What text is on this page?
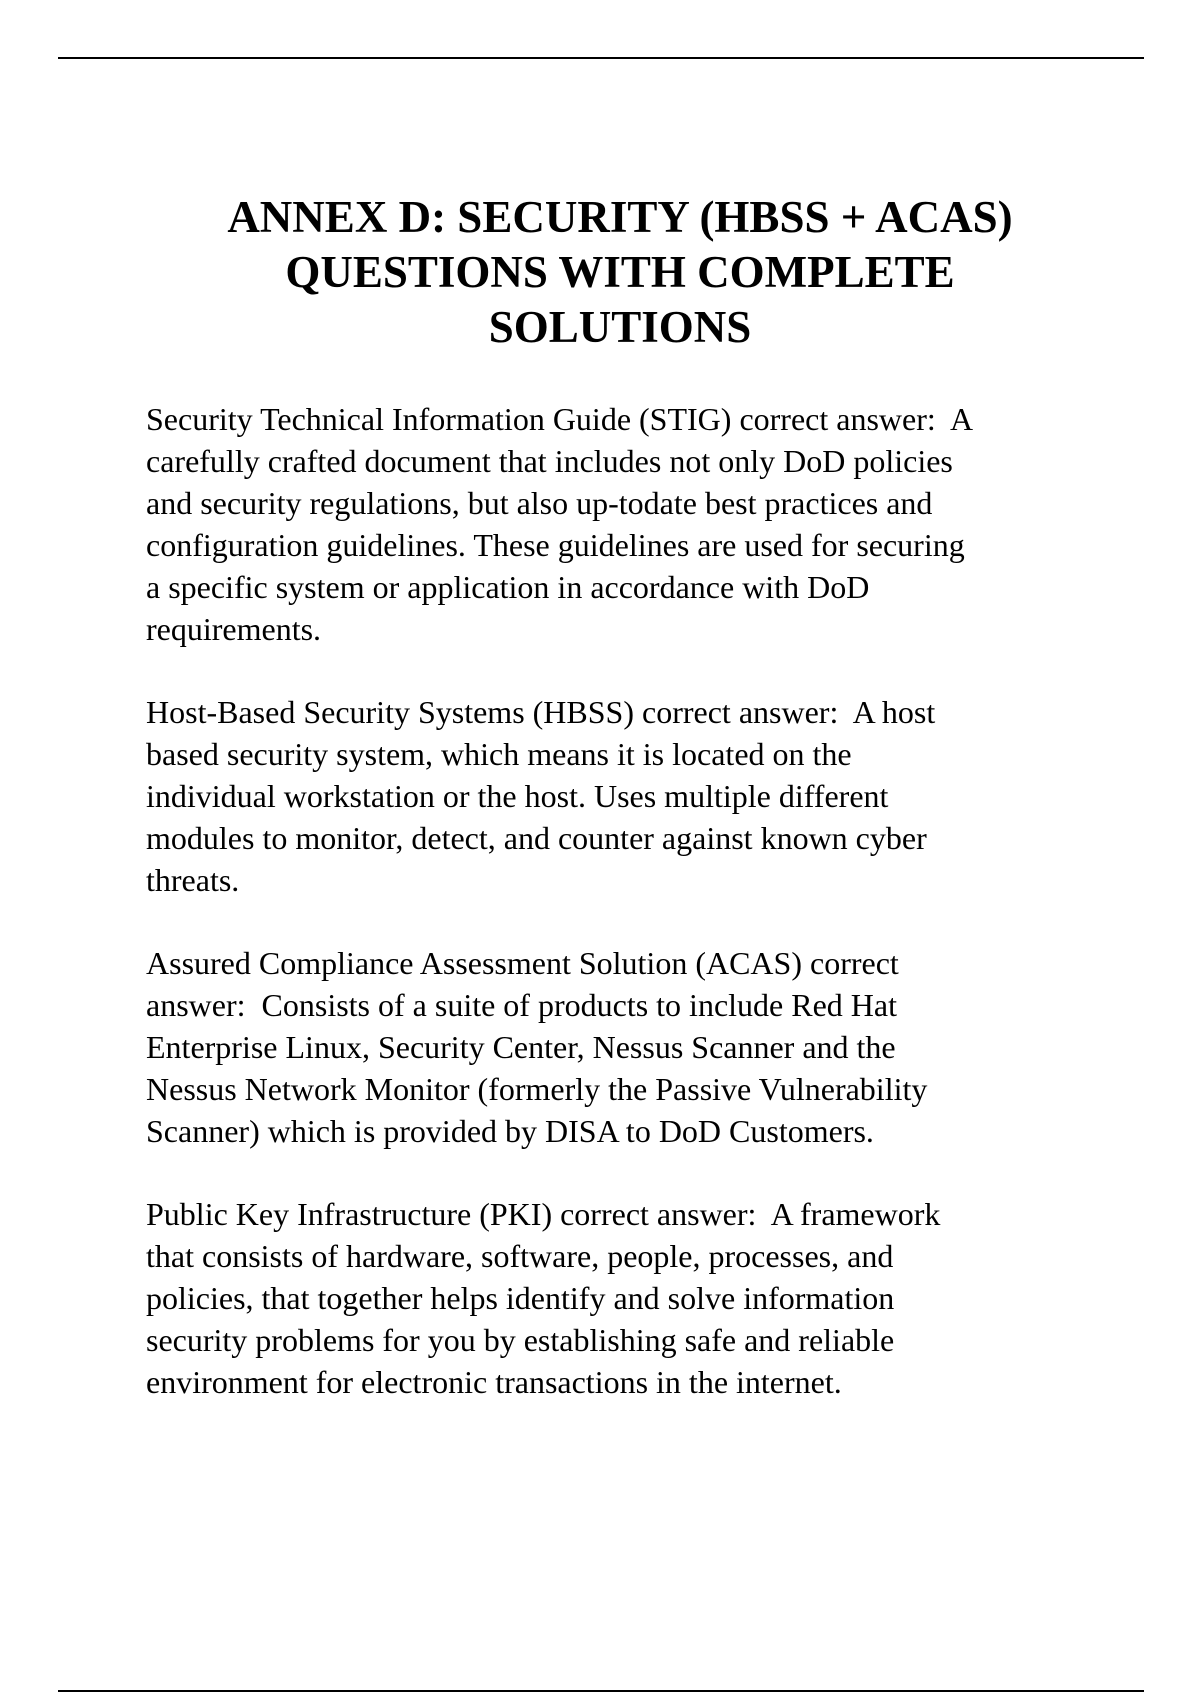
ANNEX D: SECURITY (HBSS + ACAS)
QUESTIONS WITH COMPLETE
SOLUTIONS

Security Technical Information Guide (STIG) correct answer:  A
carefully crafted document that includes not only DoD policies
and security regulations, but also up-todate best practices and
configuration guidelines. These guidelines are used for securing
a specific system or application in accordance with DoD
requirements.

Host-Based Security Systems (HBSS) correct answer:  A host
based security system, which means it is located on the
individual workstation or the host. Uses multiple different
modules to monitor, detect, and counter against known cyber
threats.

Assured Compliance Assessment Solution (ACAS) correct
answer:  Consists of a suite of products to include Red Hat
Enterprise Linux, Security Center, Nessus Scanner and the
Nessus Network Monitor (formerly the Passive Vulnerability
Scanner) which is provided by DISA to DoD Customers.

Public Key Infrastructure (PKI) correct answer:  A framework
that consists of hardware, software, people, processes, and
policies, that together helps identify and solve information
security problems for you by establishing safe and reliable
environment for electronic transactions in the internet.
